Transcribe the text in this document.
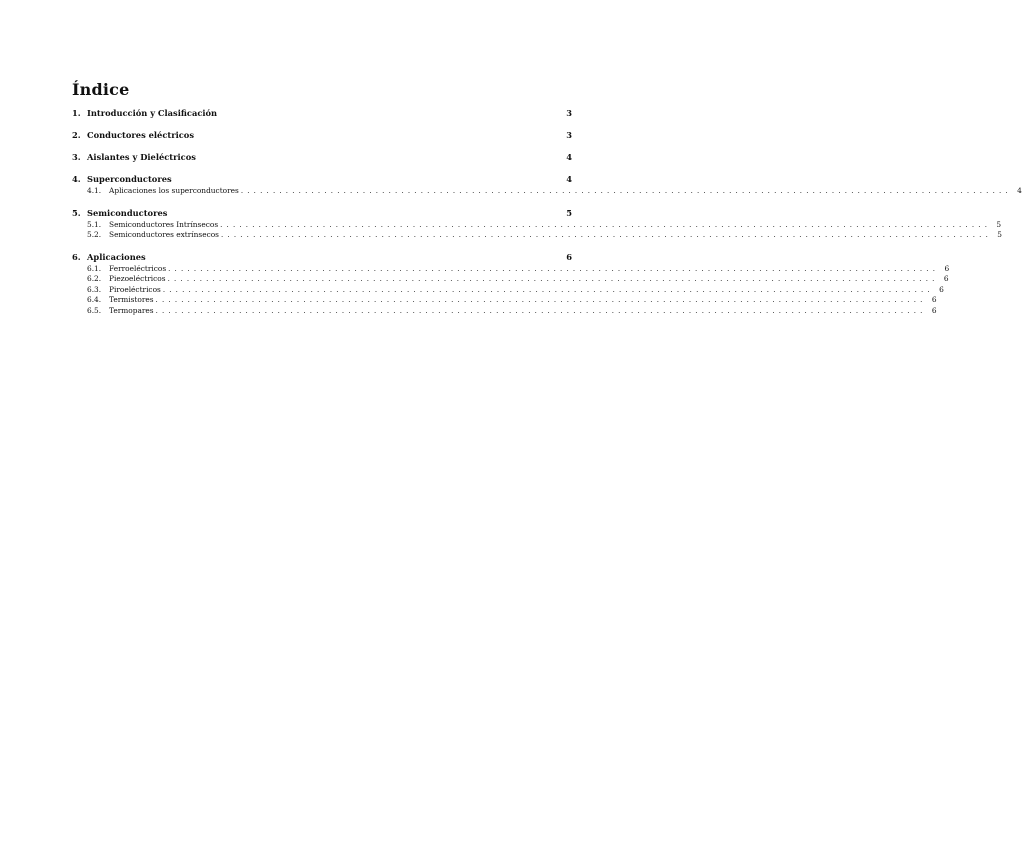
Índice
1. Introducción y Clasificación	3
2. Conductores eléctricos	3
3. Aislantes y Dieléctricos	4
4. Superconductores	4
4.1.	Aplicaciones los superconductores ........................................................................................................................ 4
5. Semiconductores	5
5.1.	Semiconductores Intrínsecos ........................................................................................................................ 5
5.2.	Semiconductores extrínsecos ........................................................................................................................ 5
6. Aplicaciones	6
6.1.	Ferroeléctricos ........................................................................................................................ 6
6.2.	Piezoeléctricos ........................................................................................................................ 6
6.3.	Piroeléctricos ........................................................................................................................ 6
6.4.	Termistores ........................................................................................................................ 6
6.5.	Termopares ........................................................................................................................ 6
